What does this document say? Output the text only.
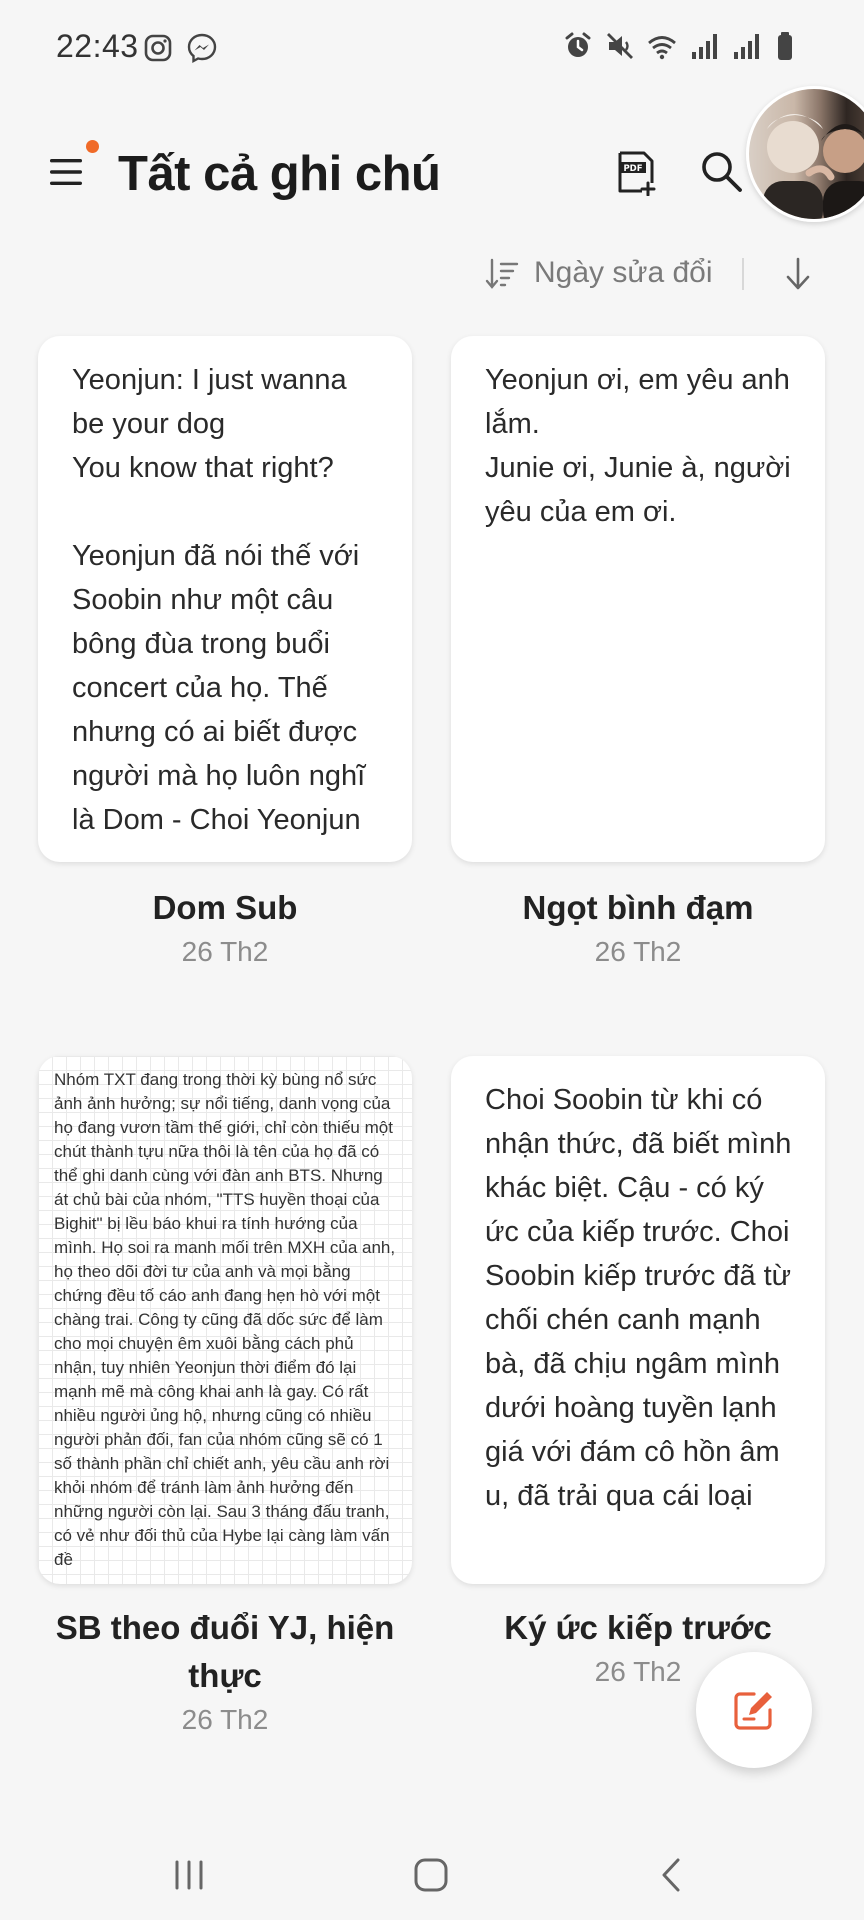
22:43
Tất cả ghi chú	PDF
Ngày sửa đổi
Yeonjun: I just wanna be your dog
You know that right?

Yeonjun đã nói thế với Soobin như một câu bông đùa trong buổi concert của họ. Thế nhưng có ai biết được người mà họ luôn nghĩ là Dom - Choi Yeonjun
Dom Sub
26 Th2
Yeonjun ơi, em yêu anh lắm.
Junie ơi, Junie à, người yêu của em ơi.
Ngọt bình đạm
26 Th2
Nhóm TXT đang trong thời kỳ bùng nổ sức ảnh ảnh hưởng; sự nổi tiếng, danh vọng của họ đang vươn tầm thế giới, chỉ còn thiếu một chút thành tựu nữa thôi là tên của họ đã có thể ghi danh cùng với đàn anh BTS. Nhưng át chủ bài của nhóm, "TTS huyền thoại của Bighit" bị lều báo khui ra tính hướng của mình. Họ soi ra manh mối trên MXH của anh, họ theo dõi đời tư của anh và mọi bằng chứng đều tố cáo anh đang hẹn hò với một chàng trai. Công ty cũng đã dốc sức để làm cho mọi chuyện êm xuôi bằng cách phủ nhận, tuy nhiên Yeonjun thời điểm đó lại mạnh mẽ mà công khai anh là gay. Có rất nhiều người ủng hộ, nhưng cũng có nhiều người phản đối, fan của nhóm cũng sẽ có 1 số thành phần chỉ chiết anh, yêu cầu anh rời khỏi nhóm để tránh làm ảnh hưởng đến những người còn lại. Sau 3 tháng đấu tranh, có vẻ như đối thủ của Hybe lại càng làm vấn đề
SB theo đuổi YJ, hiện thực
26 Th2
Choi Soobin từ khi có nhận thức, đã biết mình khác biệt. Cậu - có ký ức của kiếp trước. Choi Soobin kiếp trước đã từ chối chén canh mạnh bà, đã chịu ngâm mình dưới hoàng tuyền lạnh giá với đám cô hồn âm u, đã trải qua cái loại
Ký ức kiếp trước
26 Th2
